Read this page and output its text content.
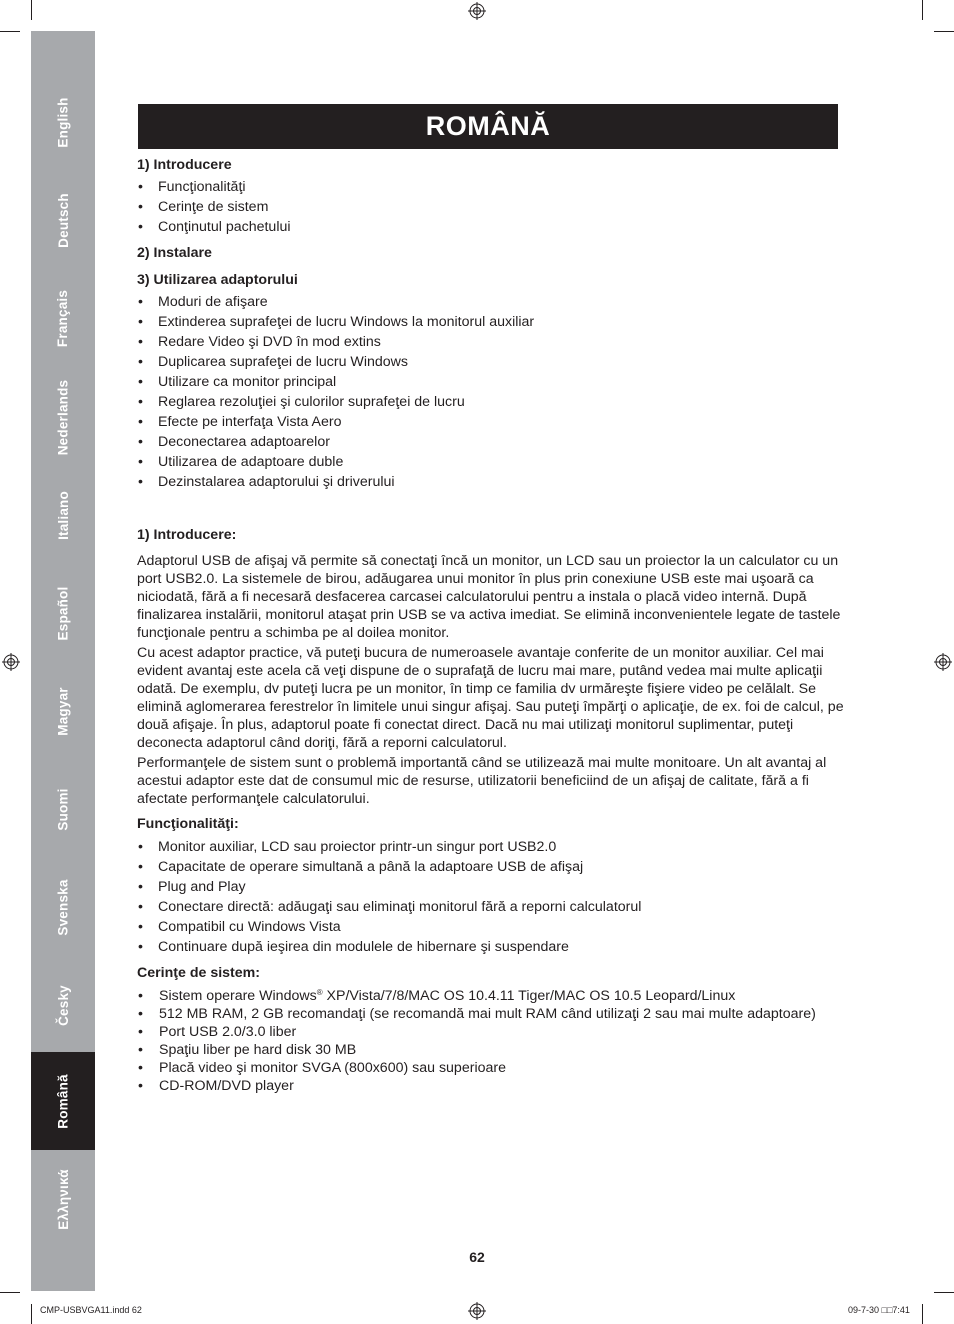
English
Deutsch
Français
Nederlands
Italiano
Español
Magyar
Suomi
Svenska
Česky
Română
Ελληνικά
ROMÂNĂ

1) Introducere

• Funcţionalităţi
• Cerinţe de sistem
• Conţinutul pachetului

2) Instalare

3) Utilizarea adaptorului

• Moduri de afişare
• Extinderea suprafeţei de lucru Windows la monitorul auxiliar
• Redare Video şi DVD în mod extins
• Duplicarea suprafeţei de lucru Windows
• Utilizare ca monitor principal
• Reglarea rezoluţiei şi culorilor suprafeţei de lucru
• Efecte pe interfaţa Vista Aero
• Deconectarea adaptoarelor
• Utilizarea de adaptoare duble
• Dezinstalarea adaptorului şi driverului

1) Introducere:

Adaptorul USB de afişaj vă permite să conectaţi încă un monitor, un LCD sau un proiector la un calculator cu un port USB2.0. La sistemele de birou, adăugarea unui monitor în plus prin conexiune USB este mai uşoară ca niciodată, fără a fi necesară desfacerea carcasei calculatorului pentru a instala o placă video internă. După finalizarea instalării, monitorul ataşat prin USB se va activa imediat. Se elimină inconvenientele legate de tastele funcţionale pentru a schimba pe al doilea monitor.

Cu acest adaptor practice, vă puteţi bucura de numeroasele avantaje conferite de un monitor auxiliar. Cel mai evident avantaj este acela că veţi dispune de o suprafaţă de lucru mai mare, putând vedea mai multe aplicaţii odată. De exemplu, dv puteţi lucra pe un monitor, în timp ce familia dv urmăreşte fişiere video pe celălalt. Se elimină aglomerarea ferestrelor în limitele unui singur afişaj. Sau puteţi împărţi o aplicaţie, de ex. foi de calcul, pe două afişaje. În plus, adaptorul poate fi conectat direct. Dacă nu mai utilizaţi monitorul suplimentar, puteţi deconecta adaptorul când doriţi, fără a reporni calculatorul.

Performanţele de sistem sunt o problemă importantă când se utilizează mai multe monitoare. Un alt avantaj al acestui adaptor este dat de consumul mic de resurse, utilizatorii beneficiind de un afişaj de calitate, fără a fi afectate performanţele calculatorului.

Funcţionalităţi:

• Monitor auxiliar, LCD sau proiector printr-un singur port USB2.0
• Capacitate de operare simultană a până la adaptoare USB de afişaj
• Plug and Play
• Conectare directă: adăugaţi sau eliminaţi monitorul fără a reporni calculatorul
• Compatibil cu Windows Vista
• Continuare după ieşirea din modulele de hibernare şi suspendare

Cerinţe de sistem:

• Sistem operare Windows® XP/Vista/7/8/MAC OS 10.4.11 Tiger/MAC OS 10.5 Leopard/Linux
• 512 MB RAM, 2 GB recomandaţi (se recomandă mai mult RAM când utilizaţi 2 sau mai multe adaptoare)
• Port USB 2.0/3.0 liber
• Spaţiu liber pe hard disk 30 MB
• Placă video şi monitor SVGA (800x600) sau superioare
• CD-ROM/DVD player
62
CMP-USBVGA11.indd 62	09-7-30 □□7:41
